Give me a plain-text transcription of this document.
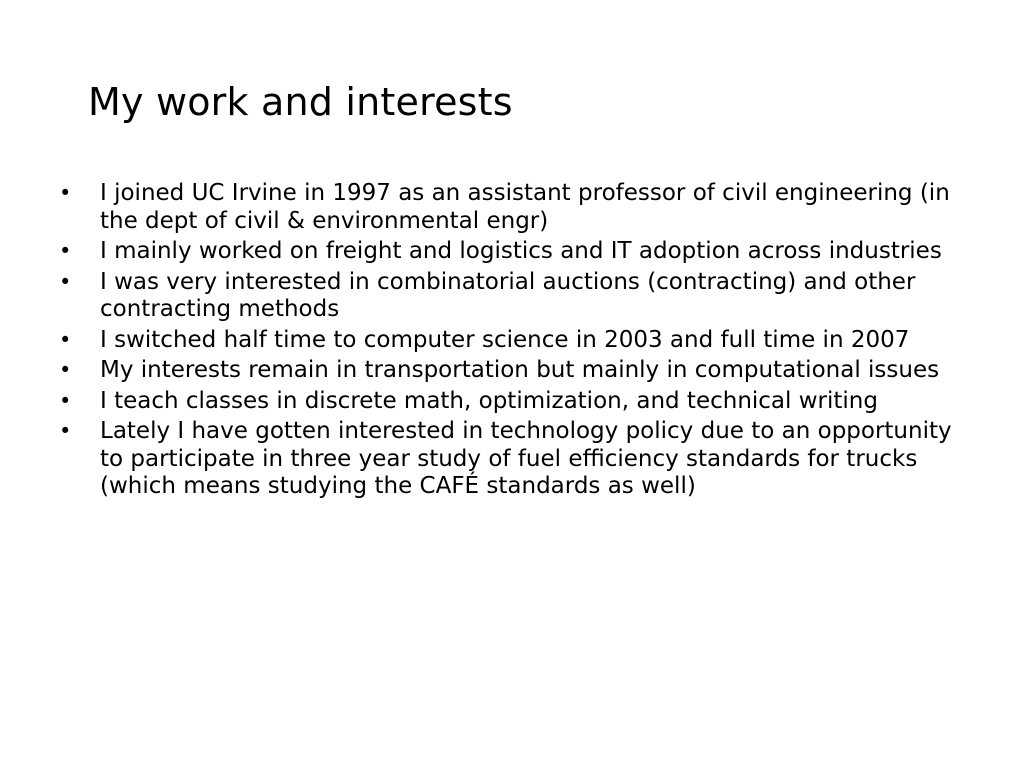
My work and interests
•	I joined UC Irvine in 1997 as an assistant professor of civil engineering (in the dept of civil & environmental engr)
•	I mainly worked on freight and logistics and IT adoption across industries
•	I was very interested in combinatorial auctions (contracting) and other contracting methods
•	I switched half time to computer science in 2003 and full time in 2007
•	My interests remain in transportation but mainly in computational issues
•	I teach classes in discrete math, optimization, and technical writing
•	Lately I have gotten interested in technology policy due to an opportunity to participate in three year study of fuel efficiency standards for trucks (which means studying the CAFÉ standards as well)
